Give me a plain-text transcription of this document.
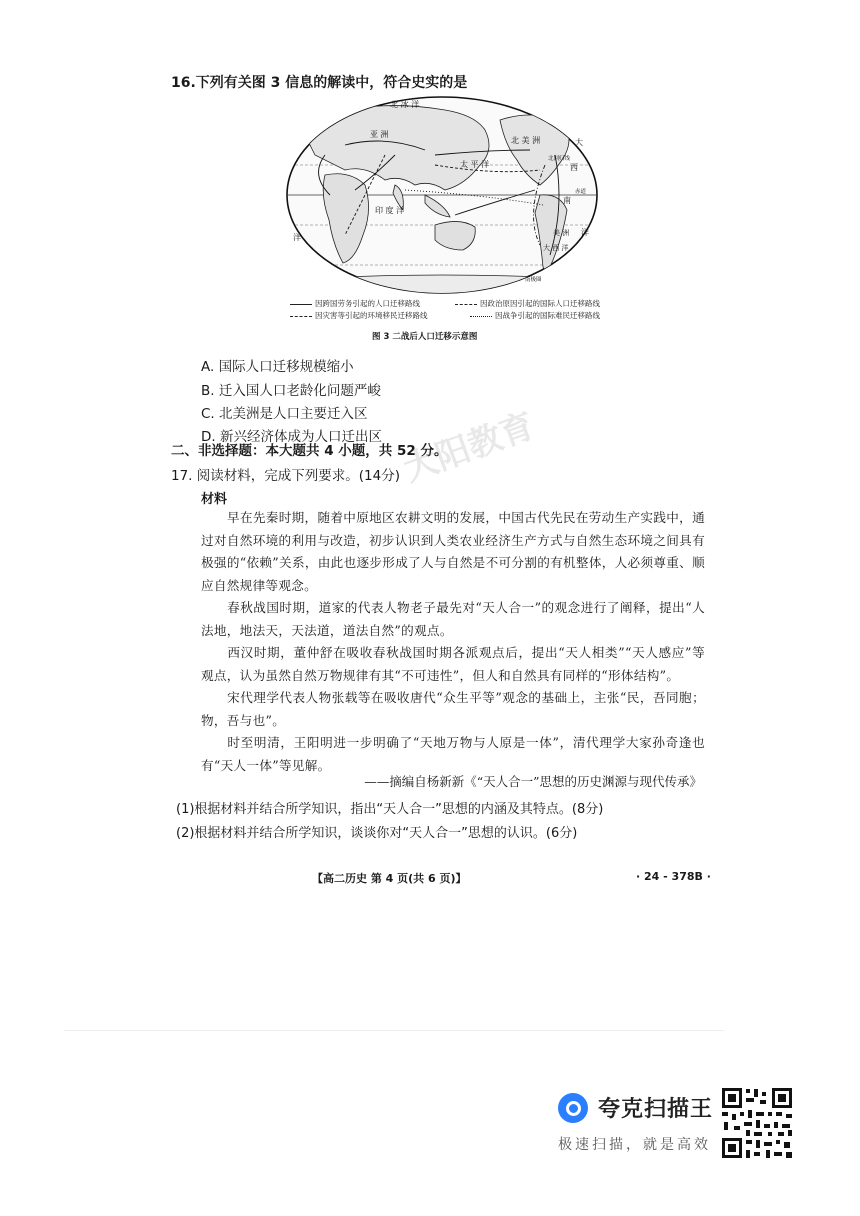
16.下列有关图 3 信息的解读中，符合史实的是
北 冰 洋
亚 洲
北 美 洲
太 平 洋
印 度 洋
西
北回归线
赤道
南
美 洲
大 西 洋
洋
南极圈
大
洋
因跨国劳务引起的人口迁移路线	因政治原因引起的国际人口迁移路线
因灾害等引起的环境移民迁移路线	因战争引起的国际难民迁移路线
图 3 二战后人口迁移示意图
A. 国际人口迁移规模缩小
B. 迁入国人口老龄化问题严峻
C. 北美洲是人口主要迁入区
D. 新兴经济体成为人口迁出区
二、非选择题：本大题共 4 小题，共 52 分。
17. 阅读材料，完成下列要求。(14分)
材料
早在先秦时期，随着中原地区农耕文明的发展，中国古代先民在劳动生产实践中，通过对自然环境的利用与改造，初步认识到人类农业经济生产方式与自然生态环境之间具有极强的“依赖”关系，由此也逐步形成了人与自然是不可分割的有机整体，人必须尊重、顺应自然规律等观念。
春秋战国时期，道家的代表人物老子最先对“天人合一”的观念进行了阐释，提出“人法地，地法天，天法道，道法自然”的观点。
西汉时期，董仲舒在吸收春秋战国时期各派观点后，提出“天人相类”“天人感应”等观点，认为虽然自然万物规律有其“不可违性”，但人和自然具有同样的“形体结构”。
宋代理学代表人物张载等在吸收唐代“众生平等”观念的基础上，主张“民，吾同胞；物，吾与也”。
时至明清，王阳明进一步明确了“天地万物与人原是一体”，清代理学大家孙奇逢也有“天人一体”等见解。
——摘编自杨新新《“天人合一”思想的历史渊源与现代传承》
(1)根据材料并结合所学知识，指出“天人合一”思想的内涵及其特点。(8分)
(2)根据材料并结合所学知识，谈谈你对“天人合一”思想的认识。(6分)
【高二历史 第 4 页(共 6 页)】	· 24 - 378B ·
大阳教育
夸克扫描王
极速扫描，就是高效
